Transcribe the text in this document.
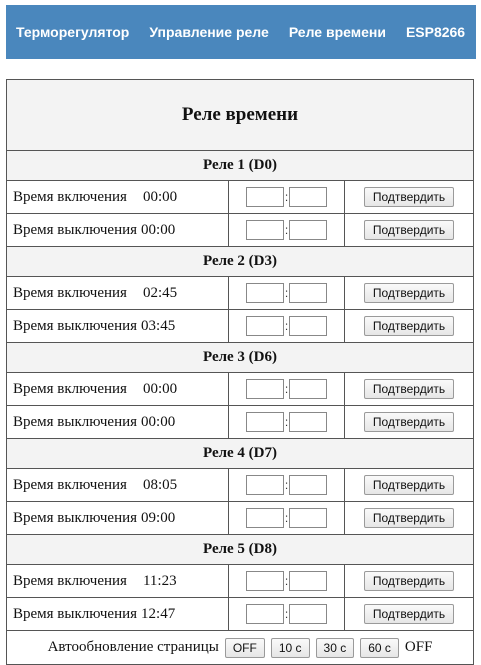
Терморегулятор Управление реле Реле времени ESP8266
Реле времени
Реле 1 (D0)
Время включения 00:00	:	Подтвердить
Время выключения 00:00	:	Подтвердить
Реле 2 (D3)
Время включения 02:45	:	Подтвердить
Время выключения 03:45	:	Подтвердить
Реле 3 (D6)
Время включения 00:00	:	Подтвердить
Время выключения 00:00	:	Подтвердить
Реле 4 (D7)
Время включения 08:05	:	Подтвердить
Время выключения 09:00	:	Подтвердить
Реле 5 (D8)
Время включения 11:23	:	Подтвердить
Время выключения 12:47	:	Подтвердить
Автообновление страницы	OFF	10 c	30 c	60 c OFF
